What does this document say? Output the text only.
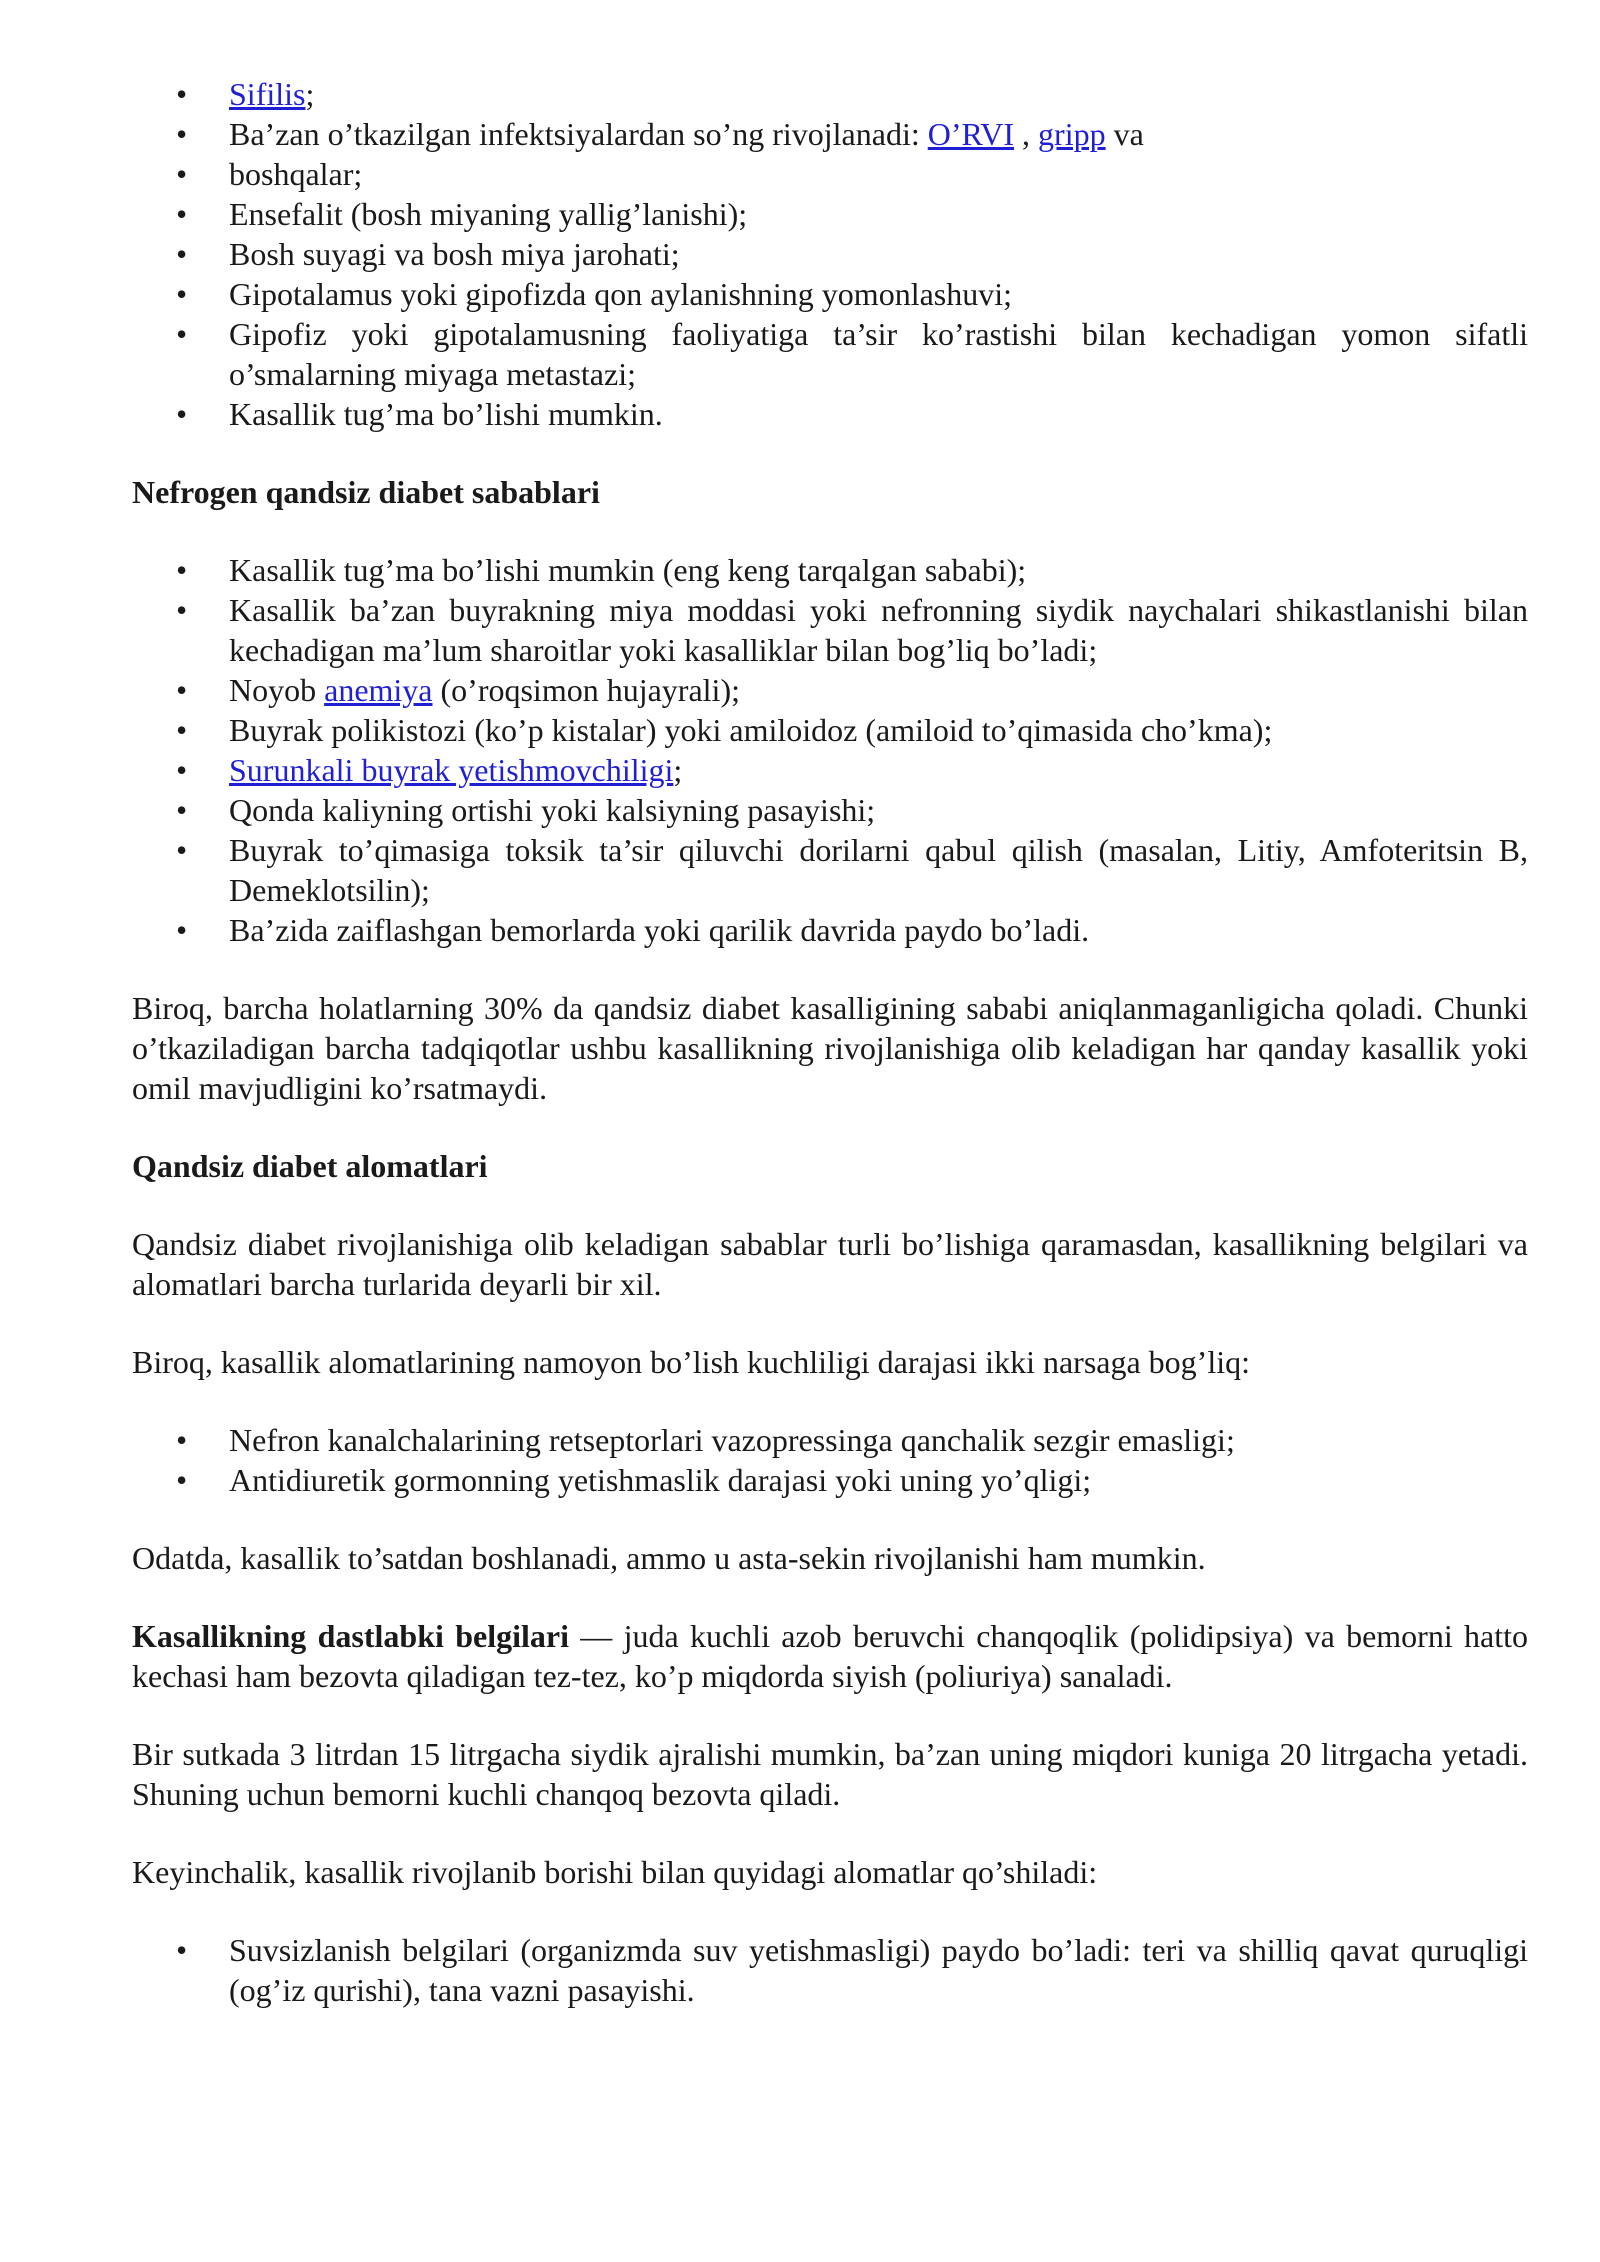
• Sifilis;
• Ba’zan o’tkazilgan infektsiyalardan so’ng rivojlanadi: O’RVI , gripp va
• boshqalar;
• Ensefalit (bosh miyaning yallig’lanishi);
• Bosh suyagi va bosh miya jarohati;
• Gipotalamus yoki gipofizda qon aylanishning yomonlashuvi;
• Gipofiz yoki gipotalamusning faoliyatiga ta’sir ko’rastishi bilan kechadigan yomon sifatli o’smalarning miyaga metastazi;
• Kasallik tug’ma bo’lishi mumkin.

Nefrogen qandsiz diabet sabablari

• Kasallik tug’ma bo’lishi mumkin (eng keng tarqalgan sababi);
• Kasallik ba’zan buyrakning miya moddasi yoki nefronning siydik naychalari shikastlanishi bilan kechadigan ma’lum sharoitlar yoki kasalliklar bilan bog’liq bo’ladi;
• Noyob anemiya (o’roqsimon hujayrali);
• Buyrak polikistozi (ko’p kistalar) yoki amiloidoz (amiloid to’qimasida cho’kma);
• Surunkali buyrak yetishmovchiligi;
• Qonda kaliyning ortishi yoki kalsiyning pasayishi;
• Buyrak to’qimasiga toksik ta’sir qiluvchi dorilarni qabul qilish (masalan, Litiy, Amfoteritsin B, Demeklotsilin);
• Ba’zida zaiflashgan bemorlarda yoki qarilik davrida paydo bo’ladi.

Biroq, barcha holatlarning 30% da qandsiz diabet kasalligining sababi aniqlanmaganligicha qoladi. Chunki o’tkaziladigan barcha tadqiqotlar ushbu kasallikning rivojlanishiga olib keladigan har qanday kasallik yoki omil mavjudligini ko’rsatmaydi.

Qandsiz diabet alomatlari

Qandsiz diabet rivojlanishiga olib keladigan sabablar turli bo’lishiga qaramasdan, kasallikning belgilari va alomatlari barcha turlarida deyarli bir xil.

Biroq, kasallik alomatlarining namoyon bo’lish kuchliligi darajasi ikki narsaga bog’liq:

• Nefron kanalchalarining retseptorlari vazopressinga qanchalik sezgir emasligi;
• Antidiuretik gormonning yetishmaslik darajasi yoki uning yo’qligi;

Odatda, kasallik to’satdan boshlanadi, ammo u asta-sekin rivojlanishi ham mumkin.

Kasallikning dastlabki belgilari — juda kuchli azob beruvchi chanqoqlik (polidipsiya) va bemorni hatto kechasi ham bezovta qiladigan tez-tez, ko’p miqdorda siyish (poliuriya) sanaladi.

Bir sutkada 3 litrdan 15 litrgacha siydik ajralishi mumkin, ba’zan uning miqdori kuniga 20 litrgacha yetadi. Shuning uchun bemorni kuchli chanqoq bezovta qiladi.

Keyinchalik, kasallik rivojlanib borishi bilan quyidagi alomatlar qo’shiladi:

• Suvsizlanish belgilari (organizmda suv yetishmasligi) paydo bo’ladi: teri va shilliq qavat quruqligi (og’iz qurishi), tana vazni pasayishi.
